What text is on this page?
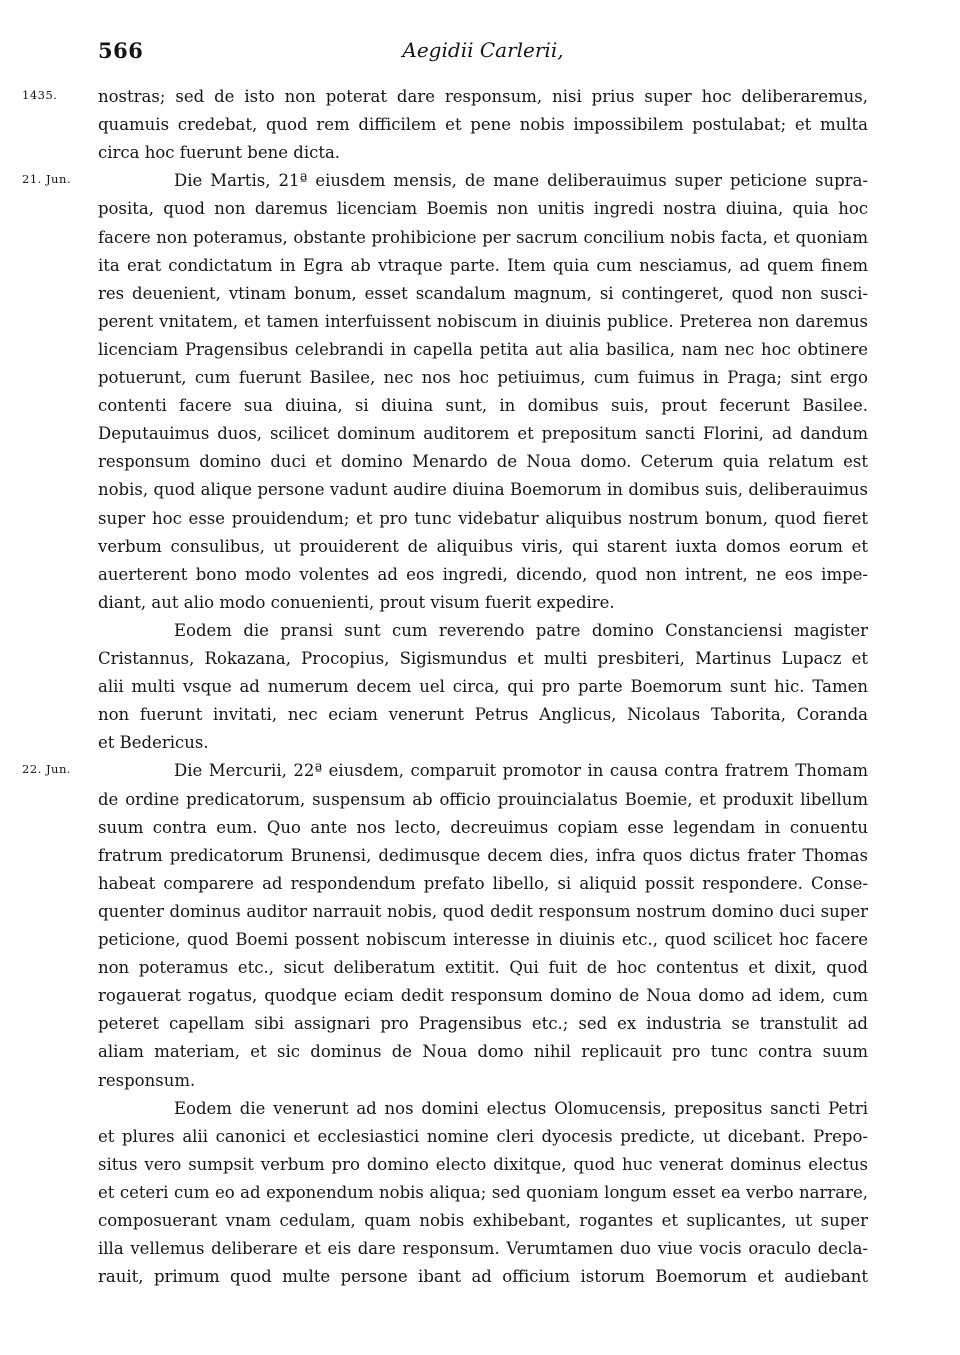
566	Aegidii Carlerii,
1435.
21. Jun.
22. Jun.
nostras; sed de isto non poterat dare responsum, nisi prius super hoc deliberaremus,
quamuis credebat, quod rem difficilem et pene nobis impossibilem postulabat; et multa
circa hoc fuerunt bene dicta.
Die Martis, 21ª eiusdem mensis, de mane deliberauimus super peticione supra-
posita, quod non daremus licenciam Boemis non unitis ingredi nostra diuina, quia hoc
facere non poteramus, obstante prohibicione per sacrum concilium nobis facta, et quoniam
ita erat condictatum in Egra ab vtraque parte. Item quia cum nesciamus, ad quem finem
res deuenient, vtinam bonum, esset scandalum magnum, si contingeret, quod non susci-
perent vnitatem, et tamen interfuissent nobiscum in diuinis publice. Preterea non daremus
licenciam Pragensibus celebrandi in capella petita aut alia basilica, nam nec hoc obtinere
potuerunt, cum fuerunt Basilee, nec nos hoc petiuimus, cum fuimus in Praga; sint ergo
contenti facere sua diuina, si diuina sunt, in domibus suis, prout fecerunt Basilee.
Deputauimus duos, scilicet dominum auditorem et prepositum sancti Florini, ad dandum
responsum domino duci et domino Menardo de Noua domo. Ceterum quia relatum est
nobis, quod alique persone vadunt audire diuina Boemorum in domibus suis, deliberauimus
super hoc esse prouidendum; et pro tunc videbatur aliquibus nostrum bonum, quod fieret
verbum consulibus, ut prouiderent de aliquibus viris, qui starent iuxta domos eorum et
auerterent bono modo volentes ad eos ingredi, dicendo, quod non intrent, ne eos impe-
diant, aut alio modo conuenienti, prout visum fuerit expedire.
Eodem die pransi sunt cum reverendo patre domino Constanciensi magister
Cristannus, Rokazana, Procopius, Sigismundus et multi presbiteri, Martinus Lupacz et
alii multi vsque ad numerum decem uel circa, qui pro parte Boemorum sunt hic. Tamen
non fuerunt invitati, nec eciam venerunt Petrus Anglicus, Nicolaus Taborita, Coranda
et Bedericus.
Die Mercurii, 22ª eiusdem, comparuit promotor in causa contra fratrem Thomam
de ordine predicatorum, suspensum ab officio prouincialatus Boemie, et produxit libellum
suum contra eum. Quo ante nos lecto, decreuimus copiam esse legendam in conuentu
fratrum predicatorum Brunensi, dedimusque decem dies, infra quos dictus frater Thomas
habeat comparere ad respondendum prefato libello, si aliquid possit respondere. Conse-
quenter dominus auditor narrauit nobis, quod dedit responsum nostrum domino duci super
peticione, quod Boemi possent nobiscum interesse in diuinis etc., quod scilicet hoc facere
non poteramus etc., sicut deliberatum extitit. Qui fuit de hoc contentus et dixit, quod
rogauerat rogatus, quodque eciam dedit responsum domino de Noua domo ad idem, cum
peteret capellam sibi assignari pro Pragensibus etc.; sed ex industria se transtulit ad
aliam materiam, et sic dominus de Noua domo nihil replicauit pro tunc contra suum
responsum.
Eodem die venerunt ad nos domini electus Olomucensis, prepositus sancti Petri
et plures alii canonici et ecclesiastici nomine cleri dyocesis predicte, ut dicebant. Prepo-
situs vero sumpsit verbum pro domino electo dixitque, quod huc venerat dominus electus
et ceteri cum eo ad exponendum nobis aliqua; sed quoniam longum esset ea verbo narrare,
composuerant vnam cedulam, quam nobis exhibebant, rogantes et suplicantes, ut super
illa vellemus deliberare et eis dare responsum. Verumtamen duo viue vocis oraculo decla-
rauit, primum quod multe persone ibant ad officium istorum Boemorum et audiebant
